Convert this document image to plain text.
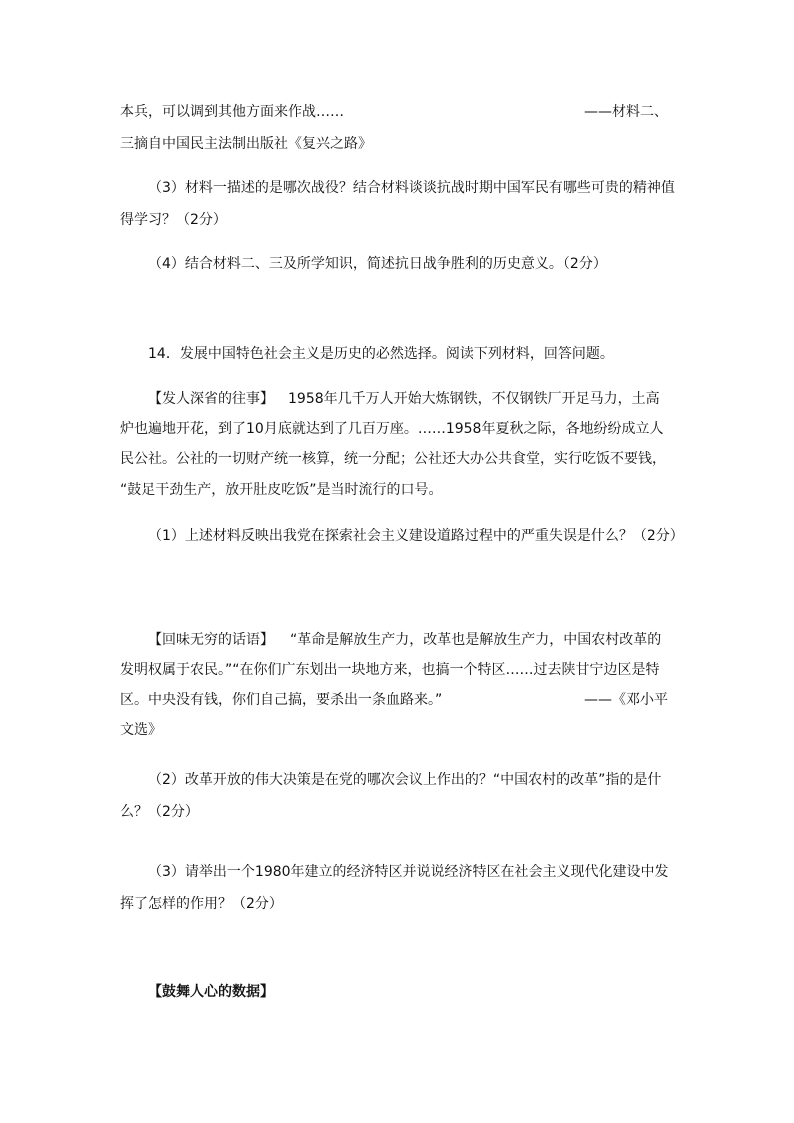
本兵，可以调到其他方面来作战……	——材料二、
三摘自中国民主法制出版社《复兴之路》
（3）材料一描述的是哪次战役？结合材料谈谈抗战时期中国军民有哪些可贵的精神值
得学习？（2分）
（4）结合材料二、三及所学知识，简述抗日战争胜利的历史意义。（2分）
14．发展中国特色社会主义是历史的必然选择。阅读下列材料，回答问题。
【发人深省的往事】 1958年几千万人开始大炼钢铁，不仅钢铁厂开足马力，土高
炉也遍地开花，到了10月底就达到了几百万座。……1958年夏秋之际，各地纷纷成立人
民公社。公社的一切财产统一核算，统一分配；公社还大办公共食堂，实行吃饭不要钱，
“鼓足干劲生产，放开肚皮吃饭”是当时流行的口号。
（1）上述材料反映出我党在探索社会主义建设道路过程中的严重失误是什么？（2分）
【回味无穷的话语】 “革命是解放生产力，改革也是解放生产力，中国农村改革的
发明权属于农民。”“在你们广东划出一块地方来，也搞一个特区……过去陕甘宁边区是特
区。中央没有钱，你们自己搞，要杀出一条血路来。”	——《邓小平
文选》
（2）改革开放的伟大决策是在党的哪次会议上作出的？“中国农村的改革”指的是什
么？（2分）
（3）请举出一个1980年建立的经济特区并说说经济特区在社会主义现代化建设中发
挥了怎样的作用？（2分）
【鼓舞人心的数据】
